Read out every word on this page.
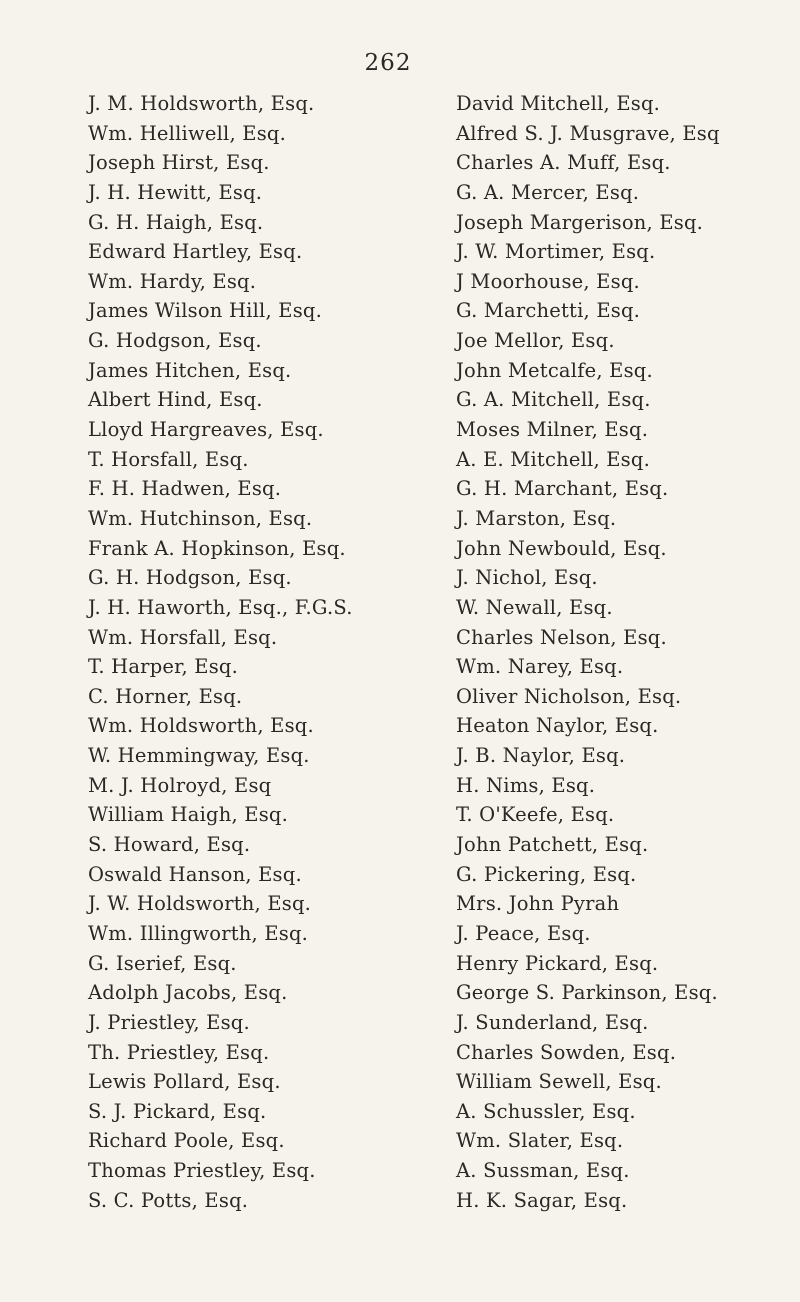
262
J. M. Holdsworth, Esq.
Wm. Helliwell, Esq.
Joseph Hirst, Esq.
J. H. Hewitt, Esq.
G. H. Haigh, Esq.
Edward Hartley, Esq.
Wm. Hardy, Esq.
James Wilson Hill, Esq.
G. Hodgson, Esq.
James Hitchen, Esq.
Albert Hind, Esq.
Lloyd Hargreaves, Esq.
T. Horsfall, Esq.
F. H. Hadwen, Esq.
Wm. Hutchinson, Esq.
Frank A. Hopkinson, Esq.
G. H. Hodgson, Esq.
J. H. Haworth, Esq., F.G.S.
Wm. Horsfall, Esq.
T. Harper, Esq.
C. Horner, Esq.
Wm. Holdsworth, Esq.
W. Hemmingway, Esq.
M. J. Holroyd, Esq
William Haigh, Esq.
S. Howard, Esq.
Oswald Hanson, Esq.
J. W. Holdsworth, Esq.
Wm. Illingworth, Esq.
G. Iserief, Esq.
Adolph Jacobs, Esq.
J. Priestley, Esq.
Th. Priestley, Esq.
Lewis Pollard, Esq.
S. J. Pickard, Esq.
Richard Poole, Esq.
Thomas Priestley, Esq.
S. C. Potts, Esq.
David Mitchell, Esq.
Alfred S. J. Musgrave, Esq
Charles A. Muff, Esq.
G. A. Mercer, Esq.
Joseph Margerison, Esq.
J. W. Mortimer, Esq.
J Moorhouse, Esq.
G. Marchetti, Esq.
Joe Mellor, Esq.
John Metcalfe, Esq.
G. A. Mitchell, Esq.
Moses Milner, Esq.
A. E. Mitchell, Esq.
G. H. Marchant, Esq.
J. Marston, Esq.
John Newbould, Esq.
J. Nichol, Esq.
W. Newall, Esq.
Charles Nelson, Esq.
Wm. Narey, Esq.
Oliver Nicholson, Esq.
Heaton Naylor, Esq.
J. B. Naylor, Esq.
H. Nims, Esq.
T. O'Keefe, Esq.
John Patchett, Esq.
G. Pickering, Esq.
Mrs. John Pyrah
J. Peace, Esq.
Henry Pickard, Esq.
George S. Parkinson, Esq.
J. Sunderland, Esq.
Charles Sowden, Esq.
William Sewell, Esq.
A. Schussler, Esq.
Wm. Slater, Esq.
A. Sussman, Esq.
H. K. Sagar, Esq.
